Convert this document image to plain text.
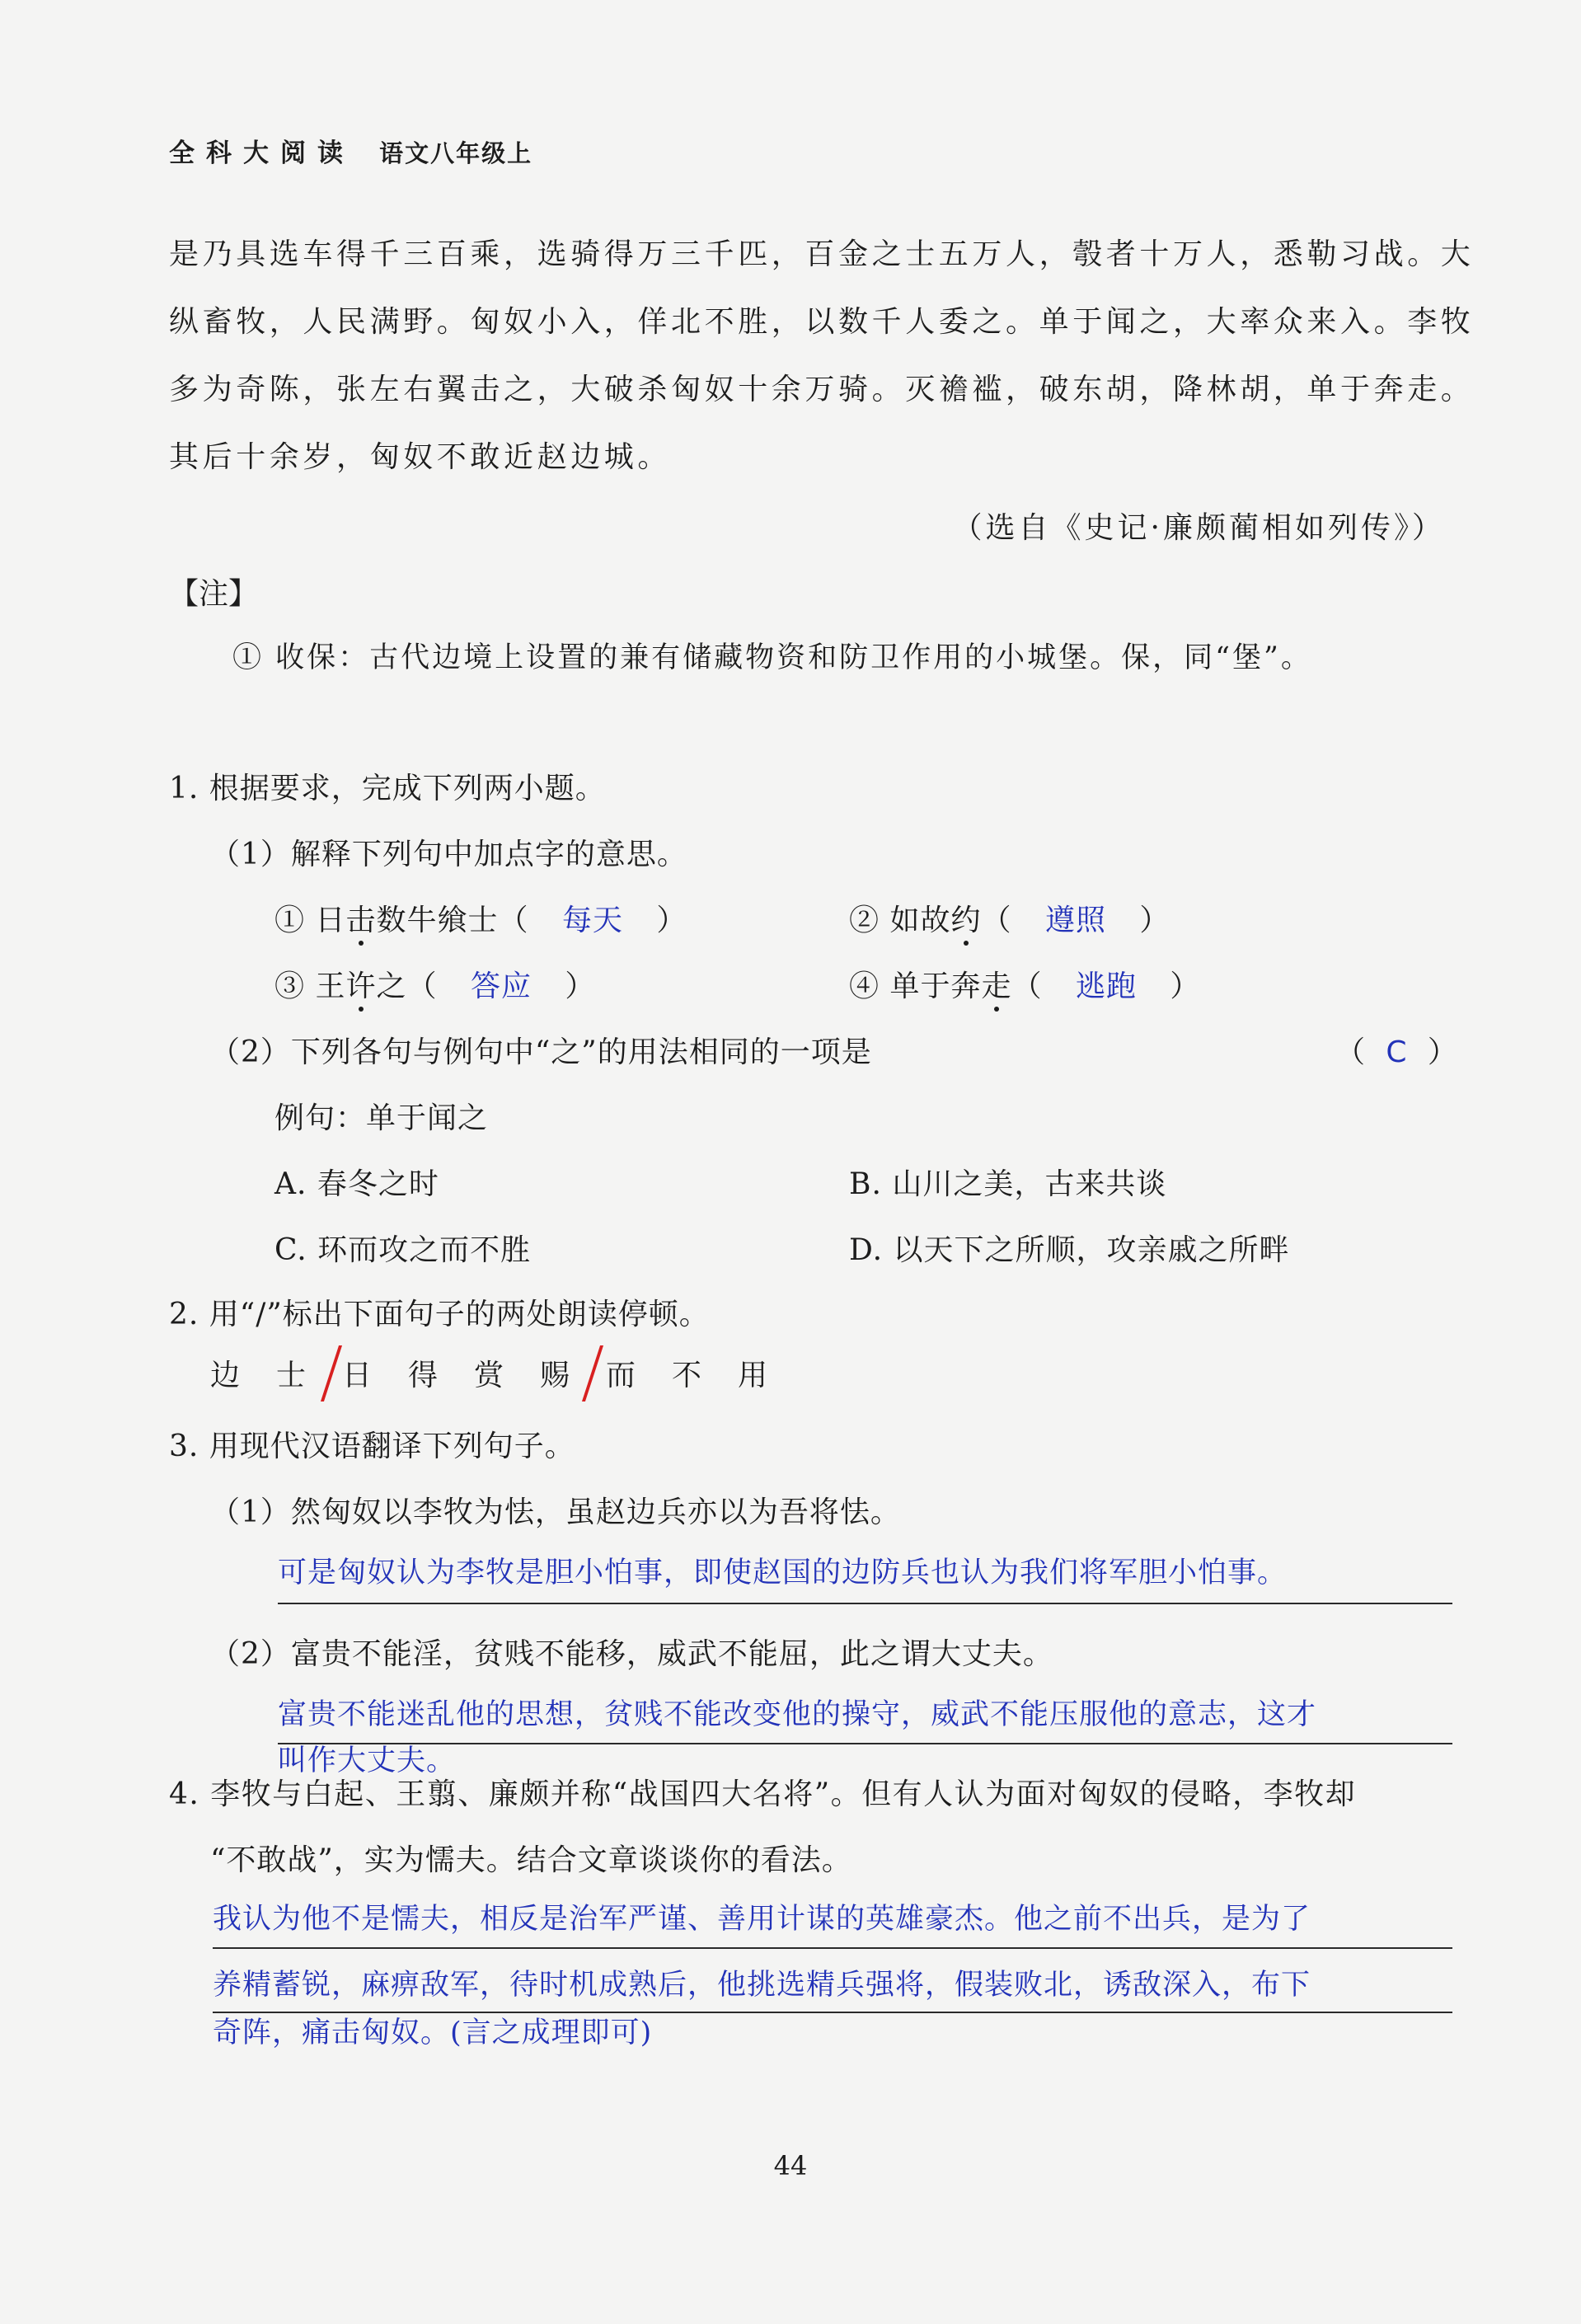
全科大阅读 语文八年级上
是乃具选车得千三百乘，选骑得万三千匹，百金之士五万人，彀者十万人，悉勒习战。大
纵畜牧，人民满野。匈奴小入，佯北不胜，以数千人委之。单于闻之，大率众来入。李牧
多为奇陈，张左右翼击之，大破杀匈奴十余万骑。灭襜褴，破东胡，降林胡，单于奔走。
其后十余岁，匈奴不敢近赵边城。
（选自《史记·廉颇蔺相如列传》）
【注】
① 收保：古代边境上设置的兼有储藏物资和防卫作用的小城堡。保，同“堡”。
1. 根据要求，完成下列两小题。
（1）解释下列句中加点字的意思。
① 日击数牛飨士（ 每天 ）	② 如故约（ 遵照 ）
③ 王许之（ 答应 ）	④ 单于奔走（ 逃跑 ）
（2）下列各句与例句中“之”的用法相同的一项是	（ C ）
例句：单于闻之
A. 春冬之时	B. 山川之美，古来共谈
C. 环而攻之而不胜	D. 以天下之所顺，攻亲戚之所畔
2. 用“/”标出下面句子的两处朗读停顿。
边 士 日 得 赏 赐 而 不 用
3. 用现代汉语翻译下列句子。
（1）然匈奴以李牧为怯，虽赵边兵亦以为吾将怯。
可是匈奴认为李牧是胆小怕事，即使赵国的边防兵也认为我们将军胆小怕事。
（2）富贵不能淫，贫贱不能移，威武不能屈，此之谓大丈夫。
富贵不能迷乱他的思想，贫贱不能改变他的操守，威武不能压服他的意志，这才
叫作大丈夫。
4. 李牧与白起、王翦、廉颇并称“战国四大名将”。但有人认为面对匈奴的侵略，李牧却
“不敢战”，实为懦夫。结合文章谈谈你的看法。
我认为他不是懦夫，相反是治军严谨、善用计谋的英雄豪杰。他之前不出兵，是为了
养精蓄锐，麻痹敌军，待时机成熟后，他挑选精兵强将，假装败北，诱敌深入，布下
奇阵，痛击匈奴。(言之成理即可)
44
